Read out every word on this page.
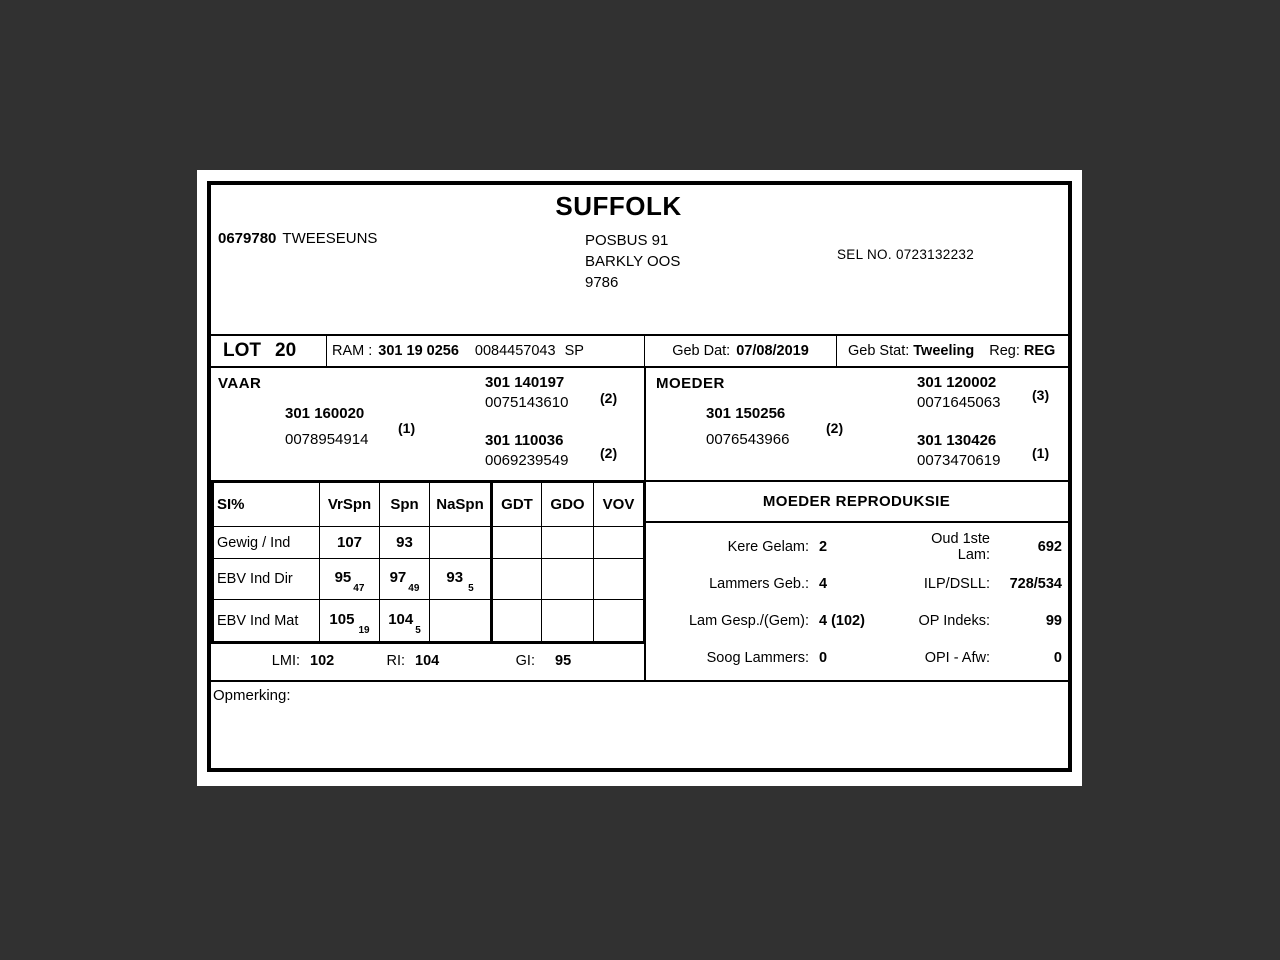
SUFFOLK
0679780 TWEESEUNS	POSBUS 91
BARKLY OOS
9786
SEL NO. 0723132232
LOT 20 RAM : 301 19 0256 0084457043 SP	Geb Dat: 07/08/2019	Geb Stat: Tweeling Reg: REG
VAAR
301 160020
0078954914
(1)
301 140197
0075143610 (2)
301 110036
0069239549 (2)
MOEDER
301 150256
0076543966
(2)
301 120002
0071645063 (3)
301 130426
0073470619 (1)
SI%	VrSpn	Spn	NaSpn	GDT	GDO	VOV
Gewig / Ind	107	93				
EBV Ind Dir	$95_{47}$	$97_{49}$	$93_5$			
EBV Ind Mat	$105_{19}$	$104_5$				
LMI: 102	RI: 104	GI:	95
MOEDER REPRODUKSIE
Kere Gelam: 2	Oud 1ste Lam:	692
Lammers Geb.: 4	ILP/DSLL:	728/534
Lam Gesp./(Gem): 4 (102)	OP Indeks:	99
Soog Lammers: 0	OPI - Afw:	0
Opmerking:
